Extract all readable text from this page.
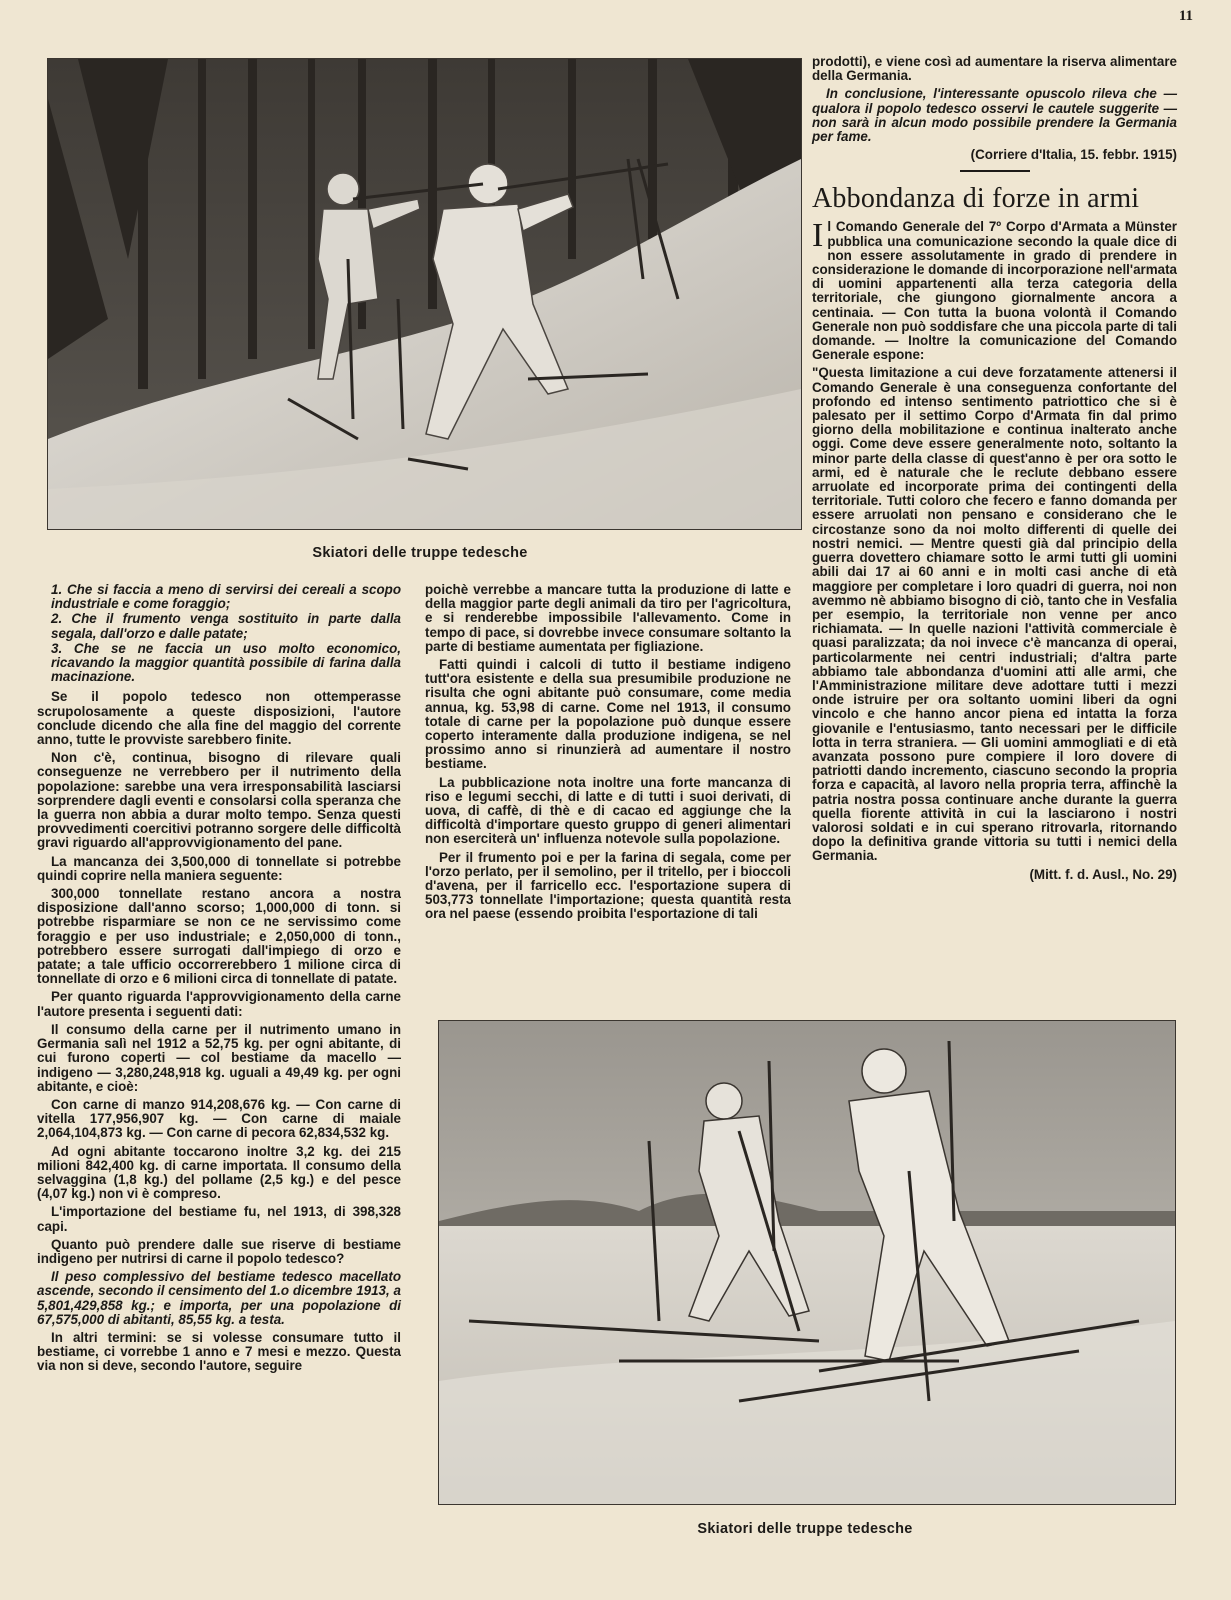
11
Skiatori delle truppe tedesche
1. Che si faccia a meno di servirsi dei cereali a scopo industriale e come foraggio;
2. Che il frumento venga sostituito in parte dalla segala, dall'orzo e dalle patate;
3. Che se ne faccia un uso molto economico, ricavando la maggior quantità possibile di farina dalla macinazione.

Se il popolo tedesco non ottemperasse scrupolosamente a queste disposizioni, l'autore conclude dicendo che alla fine del maggio del corrente anno, tutte le provviste sarebbero finite.

Non c'è, continua, bisogno di rilevare quali conseguenze ne verrebbero per il nutrimento della popolazione: sarebbe una vera irresponsabilità lasciarsi sorprendere dagli eventi e consolarsi colla speranza che la guerra non abbia a durar molto tempo. Senza questi provvedimenti coercitivi potranno sorgere delle difficoltà gravi riguardo all'approvvigionamento del pane.

La mancanza dei 3,500,000 di tonnellate si potrebbe quindi coprire nella maniera seguente:

300,000 tonnellate restano ancora a nostra disposizione dall'anno scorso; 1,000,000 di tonn. si potrebbe risparmiare se non ce ne servissimo come foraggio e per uso industriale; e 2,050,000 di tonn., potrebbero essere surrogati dall'impiego di orzo e patate; a tale ufficio occorrerebbero 1 milione circa di tonnellate di orzo e 6 milioni circa di tonnellate di patate.

Per quanto riguarda l'approvvigionamento della carne l'autore presenta i seguenti dati:

Il consumo della carne per il nutrimento umano in Germania salì nel 1912 a 52,75 kg. per ogni abitante, di cui furono coperti — col bestiame da macello — indigeno — 3,280,248,918 kg. uguali a 49,49 kg. per ogni abitante, e cioè:

Con carne di manzo 914,208,676 kg. — Con carne di vitella 177,956,907 kg. — Con carne di maiale 2,064,104,873 kg. — Con carne di pecora 62,834,532 kg.

Ad ogni abitante toccarono inoltre 3,2 kg. dei 215 milioni 842,400 kg. di carne importata. Il consumo della selvaggina (1,8 kg.) del pollame (2,5 kg.) e del pesce (4,07 kg.) non vi è compreso.

L'importazione del bestiame fu, nel 1913, di 398,328 capi.

Quanto può prendere dalle sue riserve di bestiame indigeno per nutrirsi di carne il popolo tedesco?

Il peso complessivo del bestiame tedesco macellato ascende, secondo il censimento del 1.o dicembre 1913, a 5,801,429,858 kg.; e importa, per una popolazione di 67,575,000 di abitanti, 85,55 kg. a testa.

In altri termini: se si volesse consumare tutto il bestiame, ci vorrebbe 1 anno e 7 mesi e mezzo. Questa via non si deve, secondo l'autore, seguire

poichè verrebbe a mancare tutta la produzione di latte e della maggior parte degli animali da tiro per l'agricoltura, e si renderebbe impossibile l'allevamento. Come in tempo di pace, si dovrebbe invece consumare soltanto la parte di bestiame aumentata per figliazione.

Fatti quindi i calcoli di tutto il bestiame indigeno tutt'ora esistente e della sua presumibile produzione ne risulta che ogni abitante può consumare, come media annua, kg. 53,98 di carne. Come nel 1913, il consumo totale di carne per la popolazione può dunque essere coperto interamente dalla produzione indigena, se nel prossimo anno si rinunzierà ad aumentare il nostro bestiame.

La pubblicazione nota inoltre una forte mancanza di riso e legumi secchi, di latte e di tutti i suoi derivati, di uova, di caffè, di thè e di cacao ed aggiunge che la difficoltà d'importare questo gruppo di generi alimentari non eserciterà un' influenza notevole sulla popolazione.

Per il frumento poi e per la farina di segala, come per l'orzo perlato, per il semolino, per il tritello, per i bioccoli d'avena, per il farricello ecc. l'esportazione supera di 503,773 tonnellate l'importazione; questa quantità resta ora nel paese (essendo proibita l'esportazione di tali

Skiatori delle truppe tedesche

prodotti), e viene così ad aumentare la riserva alimentare della Germania.

In conclusione, l'interessante opuscolo rileva che — qualora il popolo tedesco osservi le cautele suggerite — non sarà in alcun modo possibile prendere la Germania per fame.

(Corriere d'Italia, 15. febbr. 1915)

Abbondanza di forze in armi

I l Comando Generale del 7º Corpo d'Armata a Münster pubblica una comunicazione secondo la quale dice di non essere assolutamente in grado di prendere in considerazione le domande di incorporazione nell'armata di uomini appartenenti alla terza categoria della territoriale, che giungono giornalmente ancora a centinaia. — Con tutta la buona volontà il Comando Generale non può soddisfare che una piccola parte di tali domande. — Inoltre la comunicazione del Comando Generale espone:

"Questa limitazione a cui deve forzatamente attenersi il Comando Generale è una conseguenza confortante del profondo ed intenso sentimento patriottico che si è palesato per il settimo Corpo d'Armata fin dal primo giorno della mobilitazione e continua inalterato anche oggi. Come deve essere generalmente noto, soltanto la minor parte della classe di quest'anno è per ora sotto le armi, ed è naturale che le reclute debbano essere arruolate ed incorporate prima dei contingenti della territoriale. Tutti coloro che fecero e fanno domanda per essere arruolati non pensano e considerano che le circostanze sono da noi molto differenti di quelle dei nostri nemici. — Mentre questi già dal principio della guerra dovettero chiamare sotto le armi tutti gli uomini abili dai 17 ai 60 anni e in molti casi anche di età maggiore per completare i loro quadri di guerra, noi non avemmo nè abbiamo bisogno di ciò, tanto che in Vesfalia per esempio, la territoriale non venne per anco richiamata. — In quelle nazioni l'attività commerciale è quasi paralizzata; da noi invece c'è mancanza di operai, particolarmente nei centri industriali; d'altra parte abbiamo tale abbondanza d'uomini atti alle armi, che l'Amministrazione militare deve adottare tutti i mezzi onde istruire per ora soltanto uomini liberi da ogni vincolo e che hanno ancor piena ed intatta la forza giovanile e l'entusiasmo, tanto necessari per le difficile lotta in terra straniera. — Gli uomini ammogliati e di età avanzata possono pure compiere il loro dovere di patriotti dando incremento, ciascuno secondo la propria forza e capacità, al lavoro nella propria terra, affinchè la patria nostra possa continuare anche durante la guerra quella fiorente attività in cui la lasciarono i nostri valorosi soldati e in cui sperano ritrovarla, ritornando dopo la definitiva grande vittoria su tutti i nemici della Germania.

(Mitt. f. d. Ausl., No. 29)
